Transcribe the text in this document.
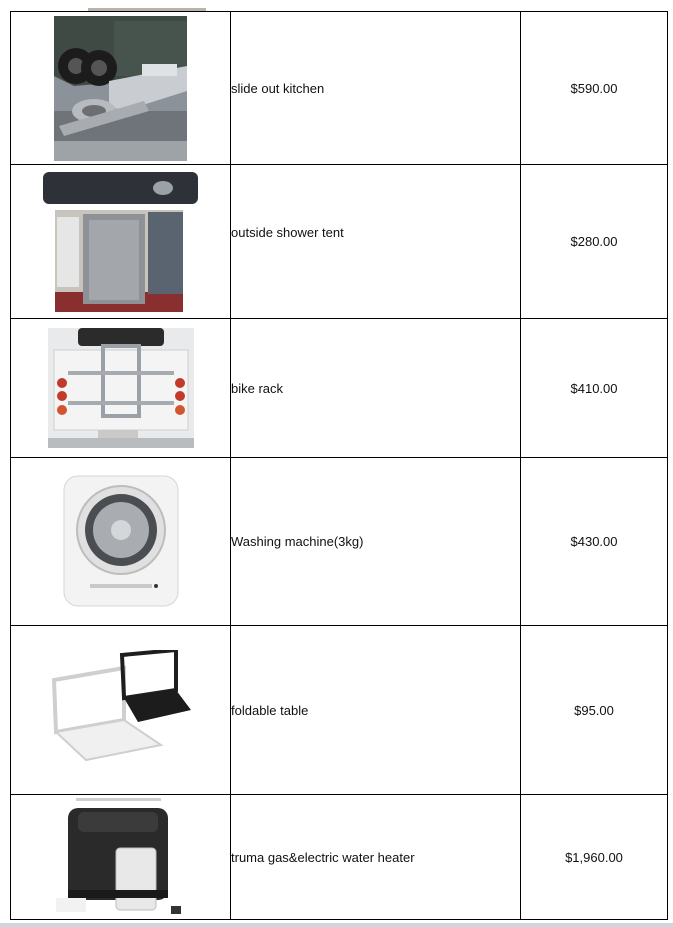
	slide out kitchen	$590.00

	outside shower tent	$280.00

	bike rack	$410.00

	Washing machine(3kg)	$430.00

	foldable table	$95.00

	truma gas&electric water heater	$1,960.00
